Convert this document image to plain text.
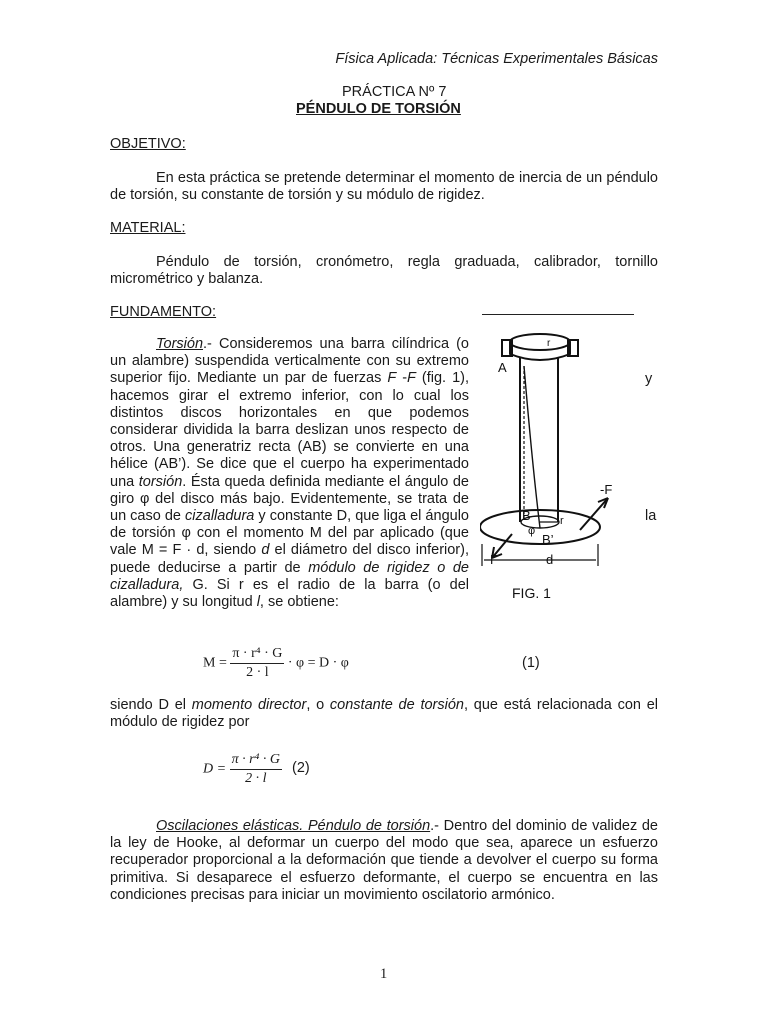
Física Aplicada: Técnicas Experimentales Básicas
PRÁCTICA Nº 7
PÉNDULO DE TORSIÓN
OBJETIVO:

En esta práctica se pretende determinar el momento de inercia de un péndulo de torsión, su constante de torsión y su módulo de rigidez.

MATERIAL:

Péndulo de torsión, cronómetro, regla graduada, calibrador, tornillo micrométrico y balanza.

FUNDAMENTO:

Torsión.- Consideremos una barra cilíndrica (o un alambre) suspendida verticalmente con su extremo superior fijo. Mediante un par de fuerzas F -F (fig. 1), hacemos girar el extremo inferior, con lo cual los distintos discos horizontales en que podemos considerar dividida la barra deslizan unos respecto de otros. Una generatriz recta (AB) se convierte en una hélice (AB’). Se dice que el cuerpo ha experimentado una torsión. Ésta queda definida mediante el ángulo de giro φ del disco más bajo. Evidentemente, se trata de un caso de cizalladura y constante D, que liga el ángulo de torsión φ con el momento M del par aplicado (que vale M = F · d, siendo d el diámetro del disco inferior), puede deducirse a partir de módulo de rigidez o de cizalladura, G. Si r es el radio de la barra (o del alambre) y su longitud l, se obtiene:

y
la
r
A
-F
B
φ
r
B’
F	d
FIG. 1
$M = \frac{\text{π · r⁴ · G}}{2 \cdot l} \cdot \varphi = D \cdot \varphi$	(1)

siendo D el momento director, o constante de torsión, que está relacionada con el módulo de rigidez por

$D = \frac{\text{π · r⁴ · G}}{2 \cdot l} (2)$

Oscilaciones elásticas. Péndulo de torsión.- Dentro del dominio de validez de la ley de Hooke, al deformar un cuerpo del modo que sea, aparece un esfuerzo recuperador proporcional a la deformación que tiende a devolver el cuerpo su forma primitiva. Si desaparece el esfuerzo deformante, el cuerpo se encuentra en las condiciones precisas para iniciar un movimiento oscilatorio armónico.

1
